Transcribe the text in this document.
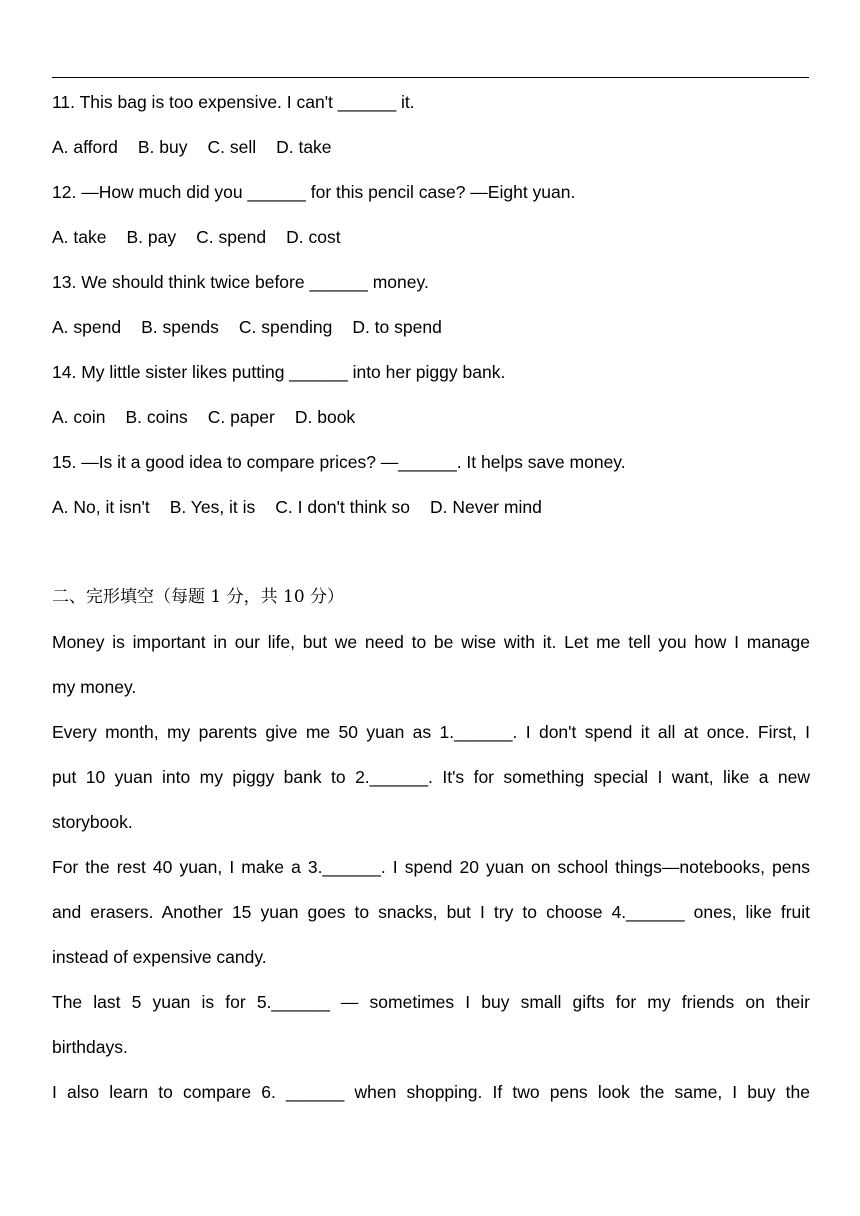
11. This bag is too expensive. I can't ______ it.
A. afford B. buy C. sell D. take
12. —How much did you ______ for this pencil case? —Eight yuan.
A. take B. pay C. spend D. cost
13. We should think twice before ______ money.
A. spend B. spends C. spending D. to spend
14. My little sister likes putting ______ into her piggy bank.
A. coin B. coins C. paper D. book
15. —Is it a good idea to compare prices? —______. It helps save money.
A. No, it isn't B. Yes, it is C. I don't think so D. Never mind
二、完形填空（每题 1 分，共 10 分）
Money is important in our life, but we need to be wise with it. Let me tell you how I manage
my money.
Every month, my parents give me 50 yuan as 1.______. I don't spend it all at once. First, I
put 10 yuan into my piggy bank to 2.______. It's for something special I want, like a new
storybook.
For the rest 40 yuan, I make a 3.______. I spend 20 yuan on school things—notebooks, pens
and erasers. Another 15 yuan goes to snacks, but I try to choose 4.______ ones, like fruit
instead of expensive candy.
The last 5 yuan is for 5.______ — sometimes I buy small gifts for my friends on their
birthdays.
I also learn to compare 6. ______ when shopping. If two pens look the same, I buy the
